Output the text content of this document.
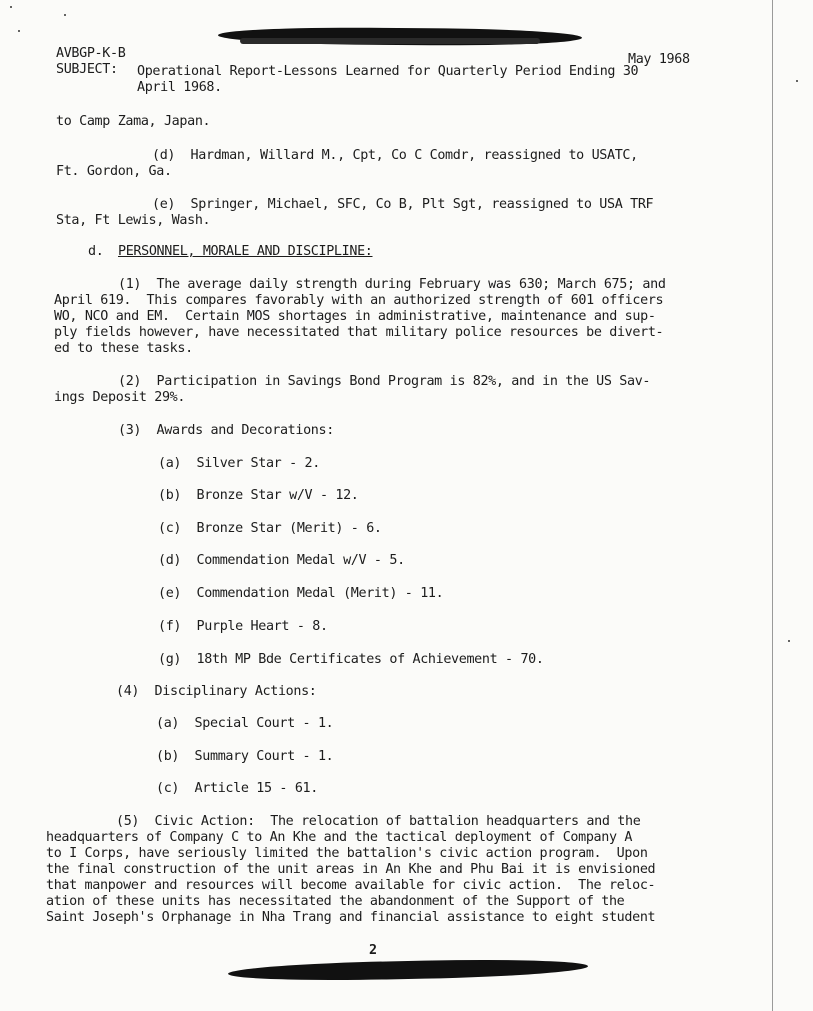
AVBGP-K-B	May 1968
SUBJECT: Operational Report-Lessons Learned for Quarterly Period Ending 30
April 1968.
to Camp Zama, Japan.
(d)  Hardman, Willard M., Cpt, Co C Comdr, reassigned to USATC,
Ft. Gordon, Ga.
(e)  Springer, Michael, SFC, Co B, Plt Sgt, reassigned to USA TRF
Sta, Ft Lewis, Wash.
d. PERSONNEL, MORALE AND DISCIPLINE:
(1)  The average daily strength during February was 630; March 675; and
April 619.  This compares favorably with an authorized strength of 601 officers
WO, NCO and EM.  Certain MOS shortages in administrative, maintenance and sup-
ply fields however, have necessitated that military police resources be divert-
ed to these tasks.
(2)  Participation in Savings Bond Program is 82%, and in the US Sav-
ings Deposit 29%.
(3)  Awards and Decorations:
(a)  Silver Star - 2.
(b)  Bronze Star w/V - 12.
(c)  Bronze Star (Merit) - 6.
(d)  Commendation Medal w/V - 5.
(e)  Commendation Medal (Merit) - 11.
(f)  Purple Heart - 8.
(g)  18th MP Bde Certificates of Achievement - 70.
(4)  Disciplinary Actions:
(a)  Special Court - 1.
(b)  Summary Court - 1.
(c)  Article 15 - 61.
(5)  Civic Action:  The relocation of battalion headquarters and the
headquarters of Company C to An Khe and the tactical deployment of Company A
to I Corps, have seriously limited the battalion's civic action program.  Upon
the final construction of the unit areas in An Khe and Phu Bai it is envisioned
that manpower and resources will become available for civic action.  The reloc-
ation of these units has necessitated the abandonment of the Support of the
Saint Joseph's Orphanage in Nha Trang and financial assistance to eight student
2
